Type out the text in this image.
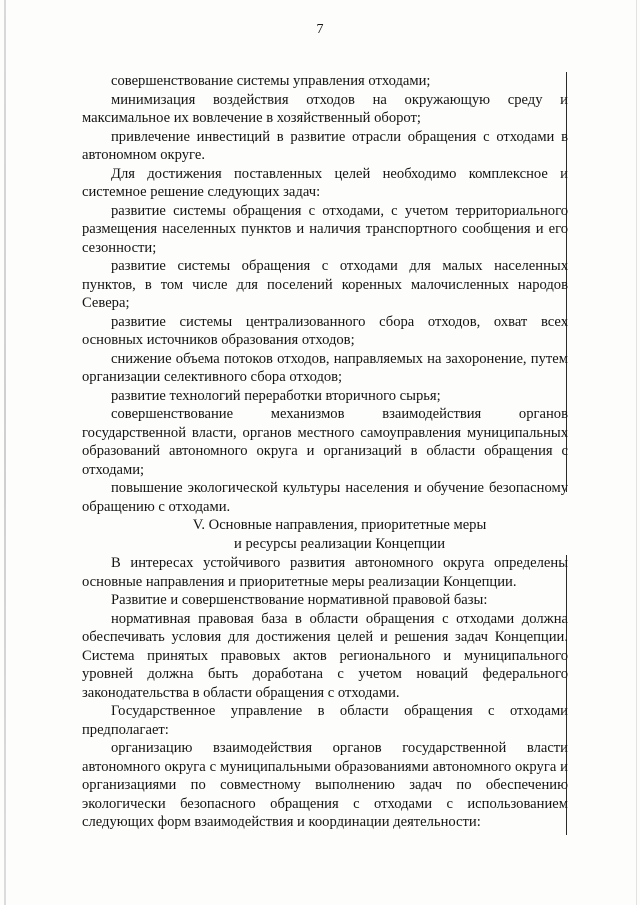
7

совершенствование системы управления отходами;

минимизация воздействия отходов на окружающую среду и максимальное их вовлечение в хозяйственный оборот;

привлечение инвестиций в развитие отрасли обращения с отходами в автономном округе.

Для достижения поставленных целей необходимо комплексное и системное решение следующих задач:

развитие системы обращения с отходами, с учетом территориального размещения населенных пунктов и наличия транспортного сообщения и его сезонности;

развитие системы обращения с отходами для малых населенных пунктов, в том числе для поселений коренных малочисленных народов Севера;

развитие системы централизованного сбора отходов, охват всех основных источников образования отходов;

снижение объема потоков отходов, направляемых на захоронение, путем организации селективного сбора отходов;

развитие технологий переработки вторичного сырья;

совершенствование механизмов взаимодействия органов государственной власти, органов местного самоуправления муниципальных образований автономного округа и организаций в области обращения с отходами;

повышение экологической культуры населения и обучение безопасному обращению с отходами.

V. Основные направления, приоритетные меры
и ресурсы реализации Концепции

В интересах устойчивого развития автономного округа определены основные направления и приоритетные меры реализации Концепции.

Развитие и совершенствование нормативной правовой базы:

нормативная правовая база в области обращения с отходами должна обеспечивать условия для достижения целей и решения задач Концепции. Система принятых правовых актов регионального и муниципального уровней должна быть доработана с учетом новаций федерального законодательства в области обращения с отходами.

Государственное управление в области обращения с отходами предполагает:

организацию взаимодействия органов государственной власти автономного округа с муниципальными образованиями автономного округа и организациями по совместному выполнению задач по обеспечению экологически безопасного обращения с отходами с использованием следующих форм взаимодействия и координации деятельности:
